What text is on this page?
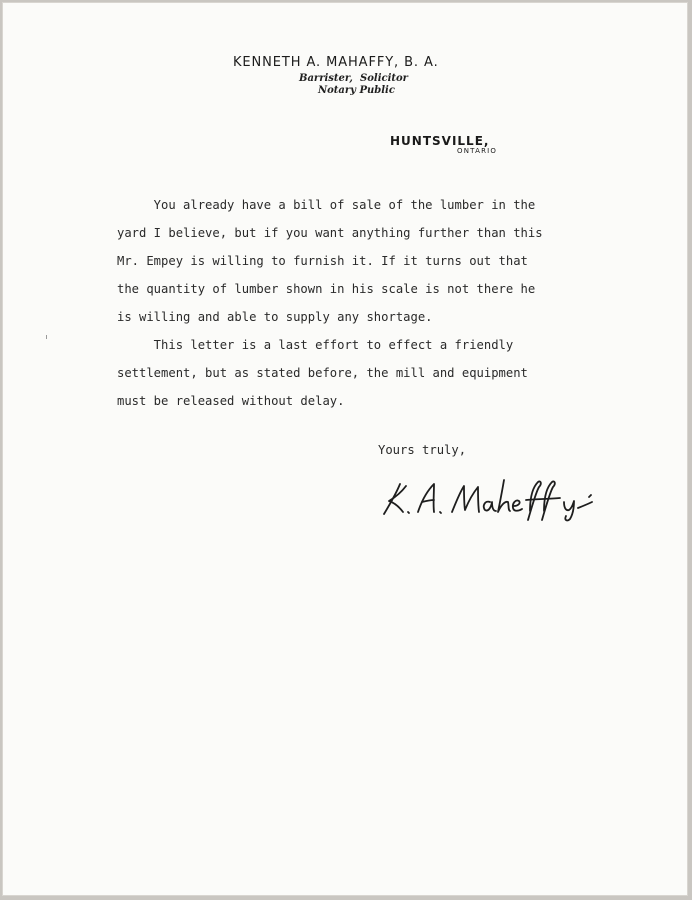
KENNETH A. MAHAFFY, B. A.
Barrister, Solicitor
Notary Public
HUNTSVILLE,
ONTARIO
You already have a bill of sale of the lumber in the
yard I believe, but if you want anything further than this
Mr. Empey is willing to furnish it. If it turns out that
the quantity of lumber shown in his scale is not there he
is willing and able to supply any shortage.
This letter is a last effort to effect a friendly
settlement, but as stated before, the mill and equipment
must be released without delay.
Yours truly,
